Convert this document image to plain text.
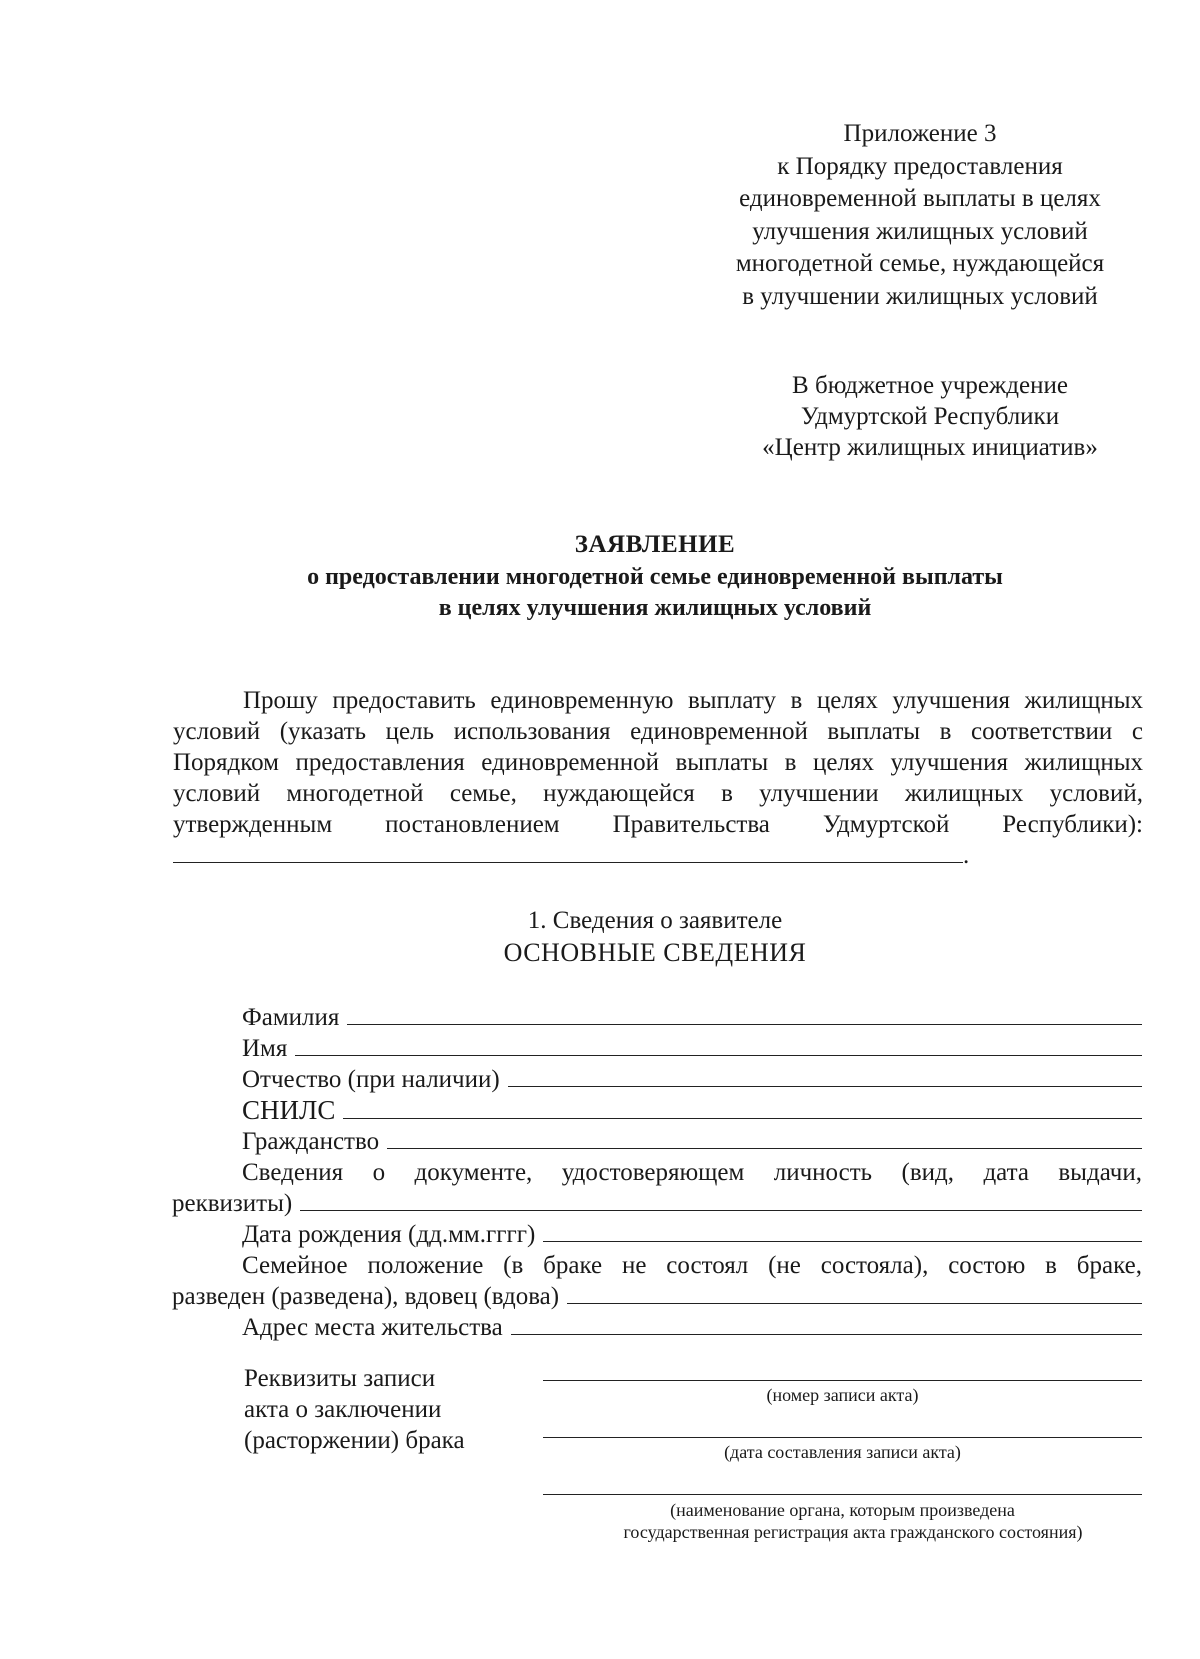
Приложение 3
к Порядку предоставления
единовременной выплаты в целях
улучшения жилищных условий
многодетной семье, нуждающейся
в улучшении жилищных условий
В бюджетное учреждение
Удмуртской Республики
«Центр жилищных инициатив»
ЗАЯВЛЕНИЕ
о предоставлении многодетной семье единовременной выплаты
в целях улучшения жилищных условий

Прошу предоставить единовременную выплату в целях улучшения жилищных условий (указать цель использования единовременной выплаты в соответствии с Порядком предоставления единовременной выплаты в целях улучшения жилищных условий многодетной семье, нуждающейся в улучшении жилищных условий, утвержденным постановлением Правительства Удмуртской Республики): .

1. Сведения о заявителе
ОСНОВНЫЕ СВЕДЕНИЯ
Фамилия
Имя
Отчество (при наличии)
СНИЛС
Гражданство
Сведения о документе, удостоверяющем личность (вид, дата выдачи,
реквизиты)
Дата рождения (дд.мм.гггг)
Семейное положение (в браке не состоял (не состояла), состою в браке,
разведен (разведена), вдовец (вдова)
Адрес места жительства
Реквизиты записи
акта о заключении
(расторжении) брака
(номер записи акта)
(дата составления записи акта)
(наименование органа, которым произведена
государственная регистрация акта гражданского состояния)
